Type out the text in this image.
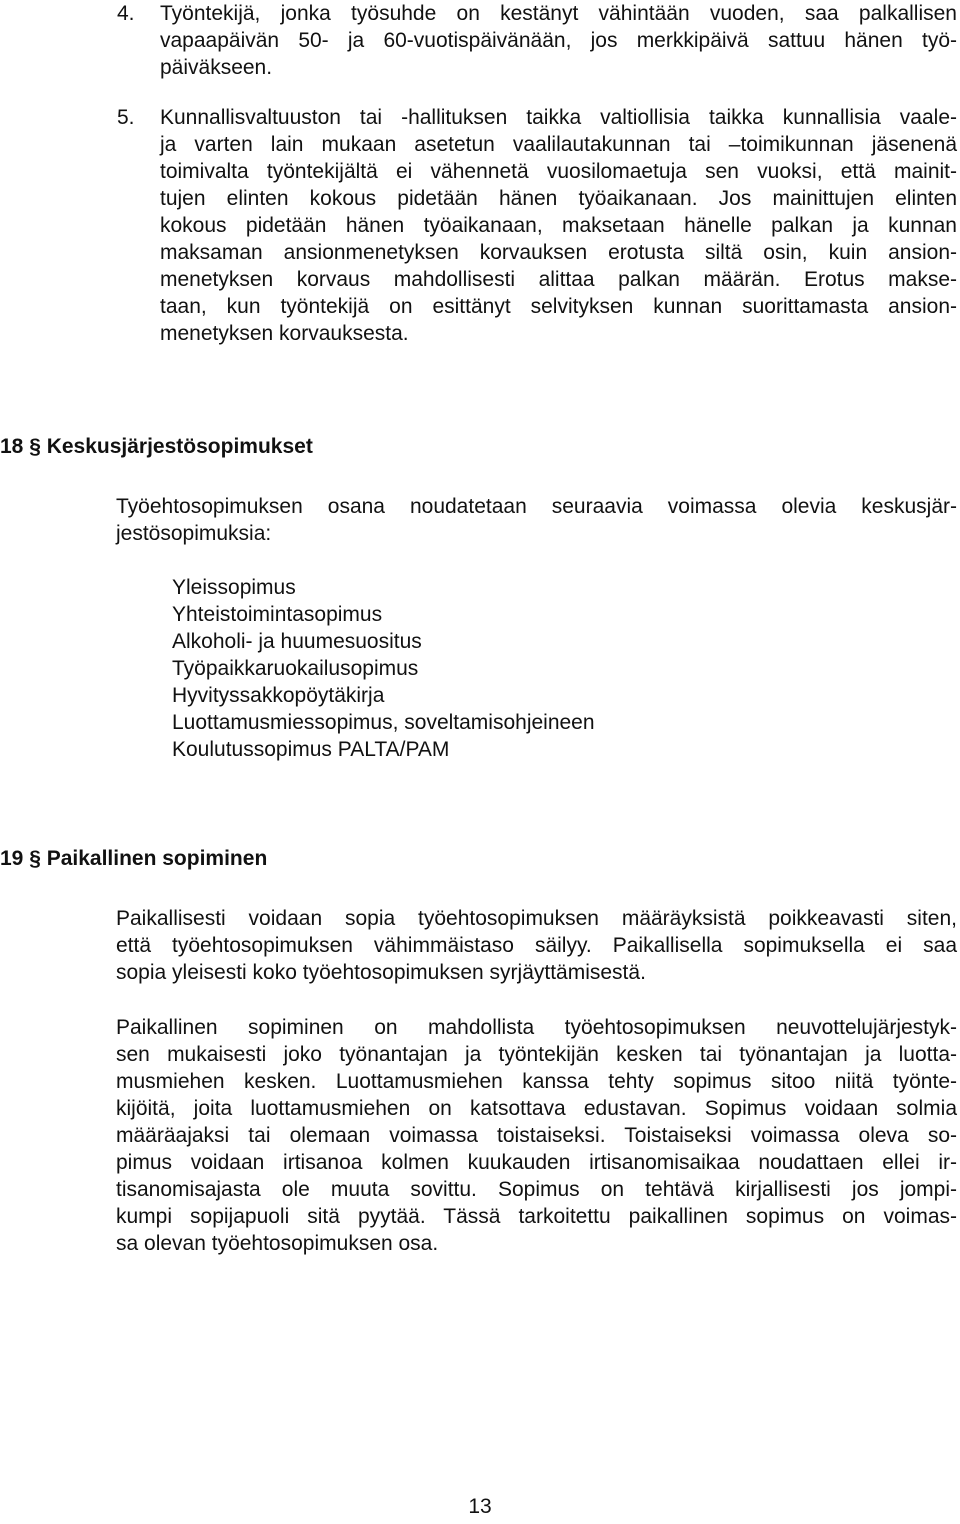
4. Työntekijä, jonka työsuhde on kestänyt vähintään vuoden, saa palkallisen
vapaapäivän 50- ja 60-vuotispäivänään, jos merkkipäivä sattuu hänen työ-
päiväkseen.
5. Kunnallisvaltuuston tai -hallituksen taikka valtiollisia taikka kunnallisia vaale-
ja varten lain mukaan asetetun vaalilautakunnan tai –toimikunnan jäsenenä
toimivalta työntekijältä ei vähennetä vuosilomaetuja sen vuoksi, että mainit-
tujen elinten kokous pidetään hänen työaikanaan. Jos mainittujen elinten
kokous pidetään hänen työaikanaan, maksetaan hänelle palkan ja kunnan
maksaman ansionmenetyksen korvauksen erotusta siltä osin, kuin ansion-
menetyksen korvaus mahdollisesti alittaa palkan määrän. Erotus makse-
taan, kun työntekijä on esittänyt selvityksen kunnan suorittamasta ansion-
menetyksen korvauksesta.
18 § Keskusjärjestösopimukset
Työehtosopimuksen osana noudatetaan seuraavia voimassa olevia keskusjär-
jestösopimuksia:
Yleissopimus
Yhteistoimintasopimus
Alkoholi- ja huumesuositus
Työpaikkaruokailusopimus
Hyvityssakkopöytäkirja
Luottamusmiessopimus, soveltamisohjeineen
Koulutussopimus PALTA/PAM
19 § Paikallinen sopiminen
Paikallisesti voidaan sopia työehtosopimuksen määräyksistä poikkeavasti siten,
että työehtosopimuksen vähimmäistaso säilyy. Paikallisella sopimuksella ei saa
sopia yleisesti koko työehtosopimuksen syrjäyttämisestä.
Paikallinen sopiminen on mahdollista työehtosopimuksen neuvottelujärjestyk-
sen mukaisesti joko työnantajan ja työntekijän kesken tai työnantajan ja luotta-
musmiehen kesken. Luottamusmiehen kanssa tehty sopimus sitoo niitä työnte-
kijöitä, joita luottamusmiehen on katsottava edustavan. Sopimus voidaan solmia
määräajaksi tai olemaan voimassa toistaiseksi. Toistaiseksi voimassa oleva so-
pimus voidaan irtisanoa kolmen kuukauden irtisanomisaikaa noudattaen ellei ir-
tisanomisajasta ole muuta sovittu. Sopimus on tehtävä kirjallisesti jos jompi-
kumpi sopijapuoli sitä pyytää. Tässä tarkoitettu paikallinen sopimus on voimas-
sa olevan työehtosopimuksen osa.
13
